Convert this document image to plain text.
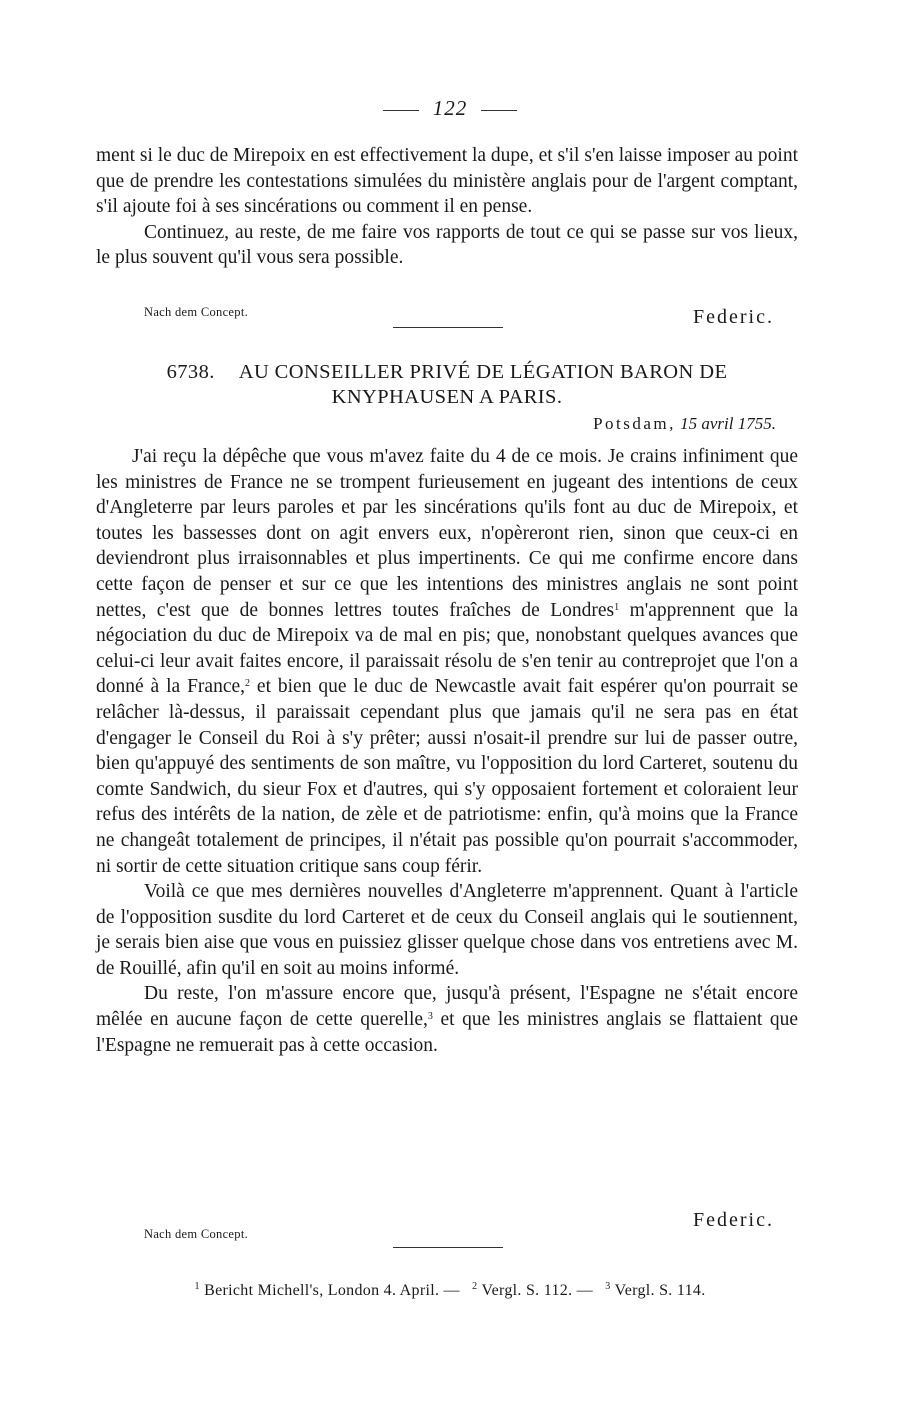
122

ment si le duc de Mirepoix en est effectivement la dupe, et s'il s'en laisse imposer au point que de prendre les contestations simulées du ministère anglais pour de l'argent comptant, s'il ajoute foi à ses sincérations ou comment il en pense.

Continuez, au reste, de me faire vos rapports de tout ce qui se passe sur vos lieux, le plus souvent qu'il vous sera possible.

Nach dem Concept.	Federic.
6738. AU CONSEILLER PRIVÉ DE LÉGATION BARON DE
KNYPHAUSEN A PARIS.
Potsdam, 15 avril 1755.

J'ai reçu la dépêche que vous m'avez faite du 4 de ce mois. Je crains infiniment que les ministres de France ne se trompent furieusement en jugeant des intentions de ceux d'Angleterre par leurs paroles et par les sincérations qu'ils font au duc de Mirepoix, et toutes les bassesses dont on agit envers eux, n'opèreront rien, sinon que ceux-ci en deviendront plus irraisonnables et plus impertinents. Ce qui me confirme encore dans cette façon de penser et sur ce que les intentions des ministres anglais ne sont point nettes, c'est que de bonnes lettres toutes fraîches de Londres$^1$ m'apprennent que la négociation du duc de Mirepoix va de mal en pis; que, nonobstant quelques avances que celui-ci leur avait faites encore, il paraissait résolu de s'en tenir au contreprojet que l'on a donné à la France,$^2$ et bien que le duc de Newcastle avait fait espérer qu'on pourrait se relâcher là-dessus, il paraissait cependant plus que jamais qu'il ne sera pas en état d'engager le Conseil du Roi à s'y prêter; aussi n'osait-il prendre sur lui de passer outre, bien qu'appuyé des sentiments de son maître, vu l'opposition du lord Carteret, soutenu du comte Sandwich, du sieur Fox et d'autres, qui s'y opposaient fortement et coloraient leur refus des intérêts de la nation, de zèle et de patriotisme: enfin, qu'à moins que la France ne changeât totalement de principes, il n'était pas possible qu'on pourrait s'accommoder, ni sortir de cette situation critique sans coup férir.

Voilà ce que mes dernières nouvelles d'Angleterre m'apprennent. Quant à l'article de l'opposition susdite du lord Carteret et de ceux du Conseil anglais qui le soutiennent, je serais bien aise que vous en puissiez glisser quelque chose dans vos entretiens avec M. de Rouillé, afin qu'il en soit au moins informé.

Du reste, l'on m'assure encore que, jusqu'à présent, l'Espagne ne s'était encore mêlée en aucune façon de cette querelle,$^3$ et que les ministres anglais se flattaient que l'Espagne ne remuerait pas à cette occasion.

Federic.
Nach dem Concept.
$^1$ Bericht Michell's, London 4. April. — $^2$ Vergl. S. 112. — $^3$ Vergl. S. 114.
